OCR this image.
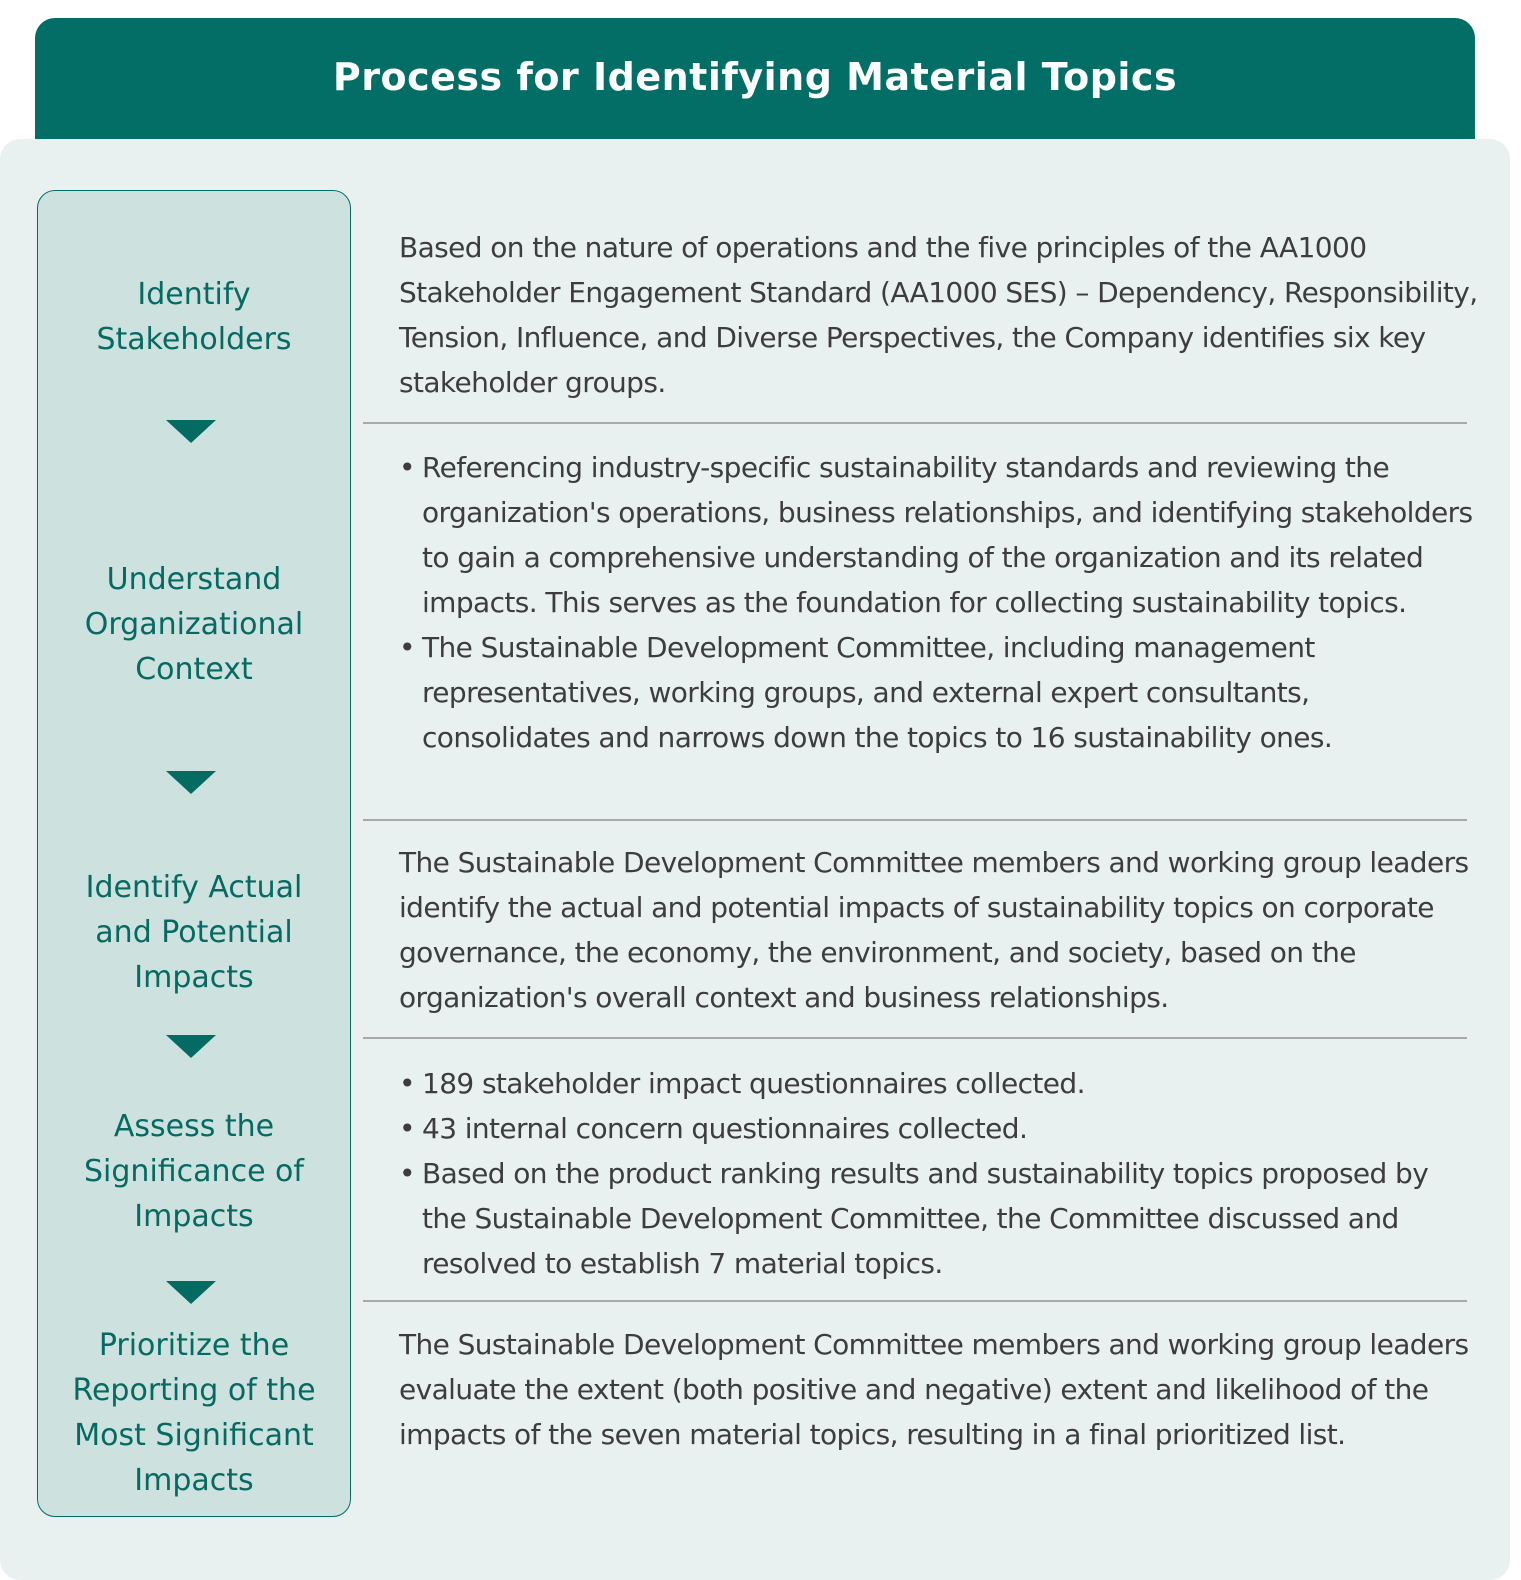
Process for Identifying Material Topics
Identify
Stakeholders

Based on the nature of operations and the five principles of the AA1000 Stakeholder Engagement Standard (AA1000 SES) – Dependency, Responsibility, Tension, Influence, and Diverse Perspectives, the Company identifies six key stakeholder groups.

Understand
Organizational
Context
• Referencing industry-specific sustainability standards and reviewing the organization's operations, business relationships, and identifying stakeholders to gain a comprehensive understanding of the organization and its related impacts. This serves as the foundation for collecting sustainability topics.
• The Sustainable Development Committee, including management representatives, working groups, and external expert consultants, consolidates and narrows down the topics to 16 sustainability ones.
Identify Actual
and Potential
Impacts

The Sustainable Development Committee members and working group leaders identify the actual and potential impacts of sustainability topics on corporate governance, the economy, the environment, and society, based on the organization's overall context and business relationships.

Assess the
Significance of
Impacts
• 189 stakeholder impact questionnaires collected.
• 43 internal concern questionnaires collected.
• Based on the product ranking results and sustainability topics proposed by the Sustainable Development Committee, the Committee discussed and resolved to establish 7 material topics.
Prioritize the
Reporting of the
Most Significant
Impacts

The Sustainable Development Committee members and working group leaders evaluate the extent (both positive and negative) extent and likelihood of the impacts of the seven material topics, resulting in a final prioritized list.
